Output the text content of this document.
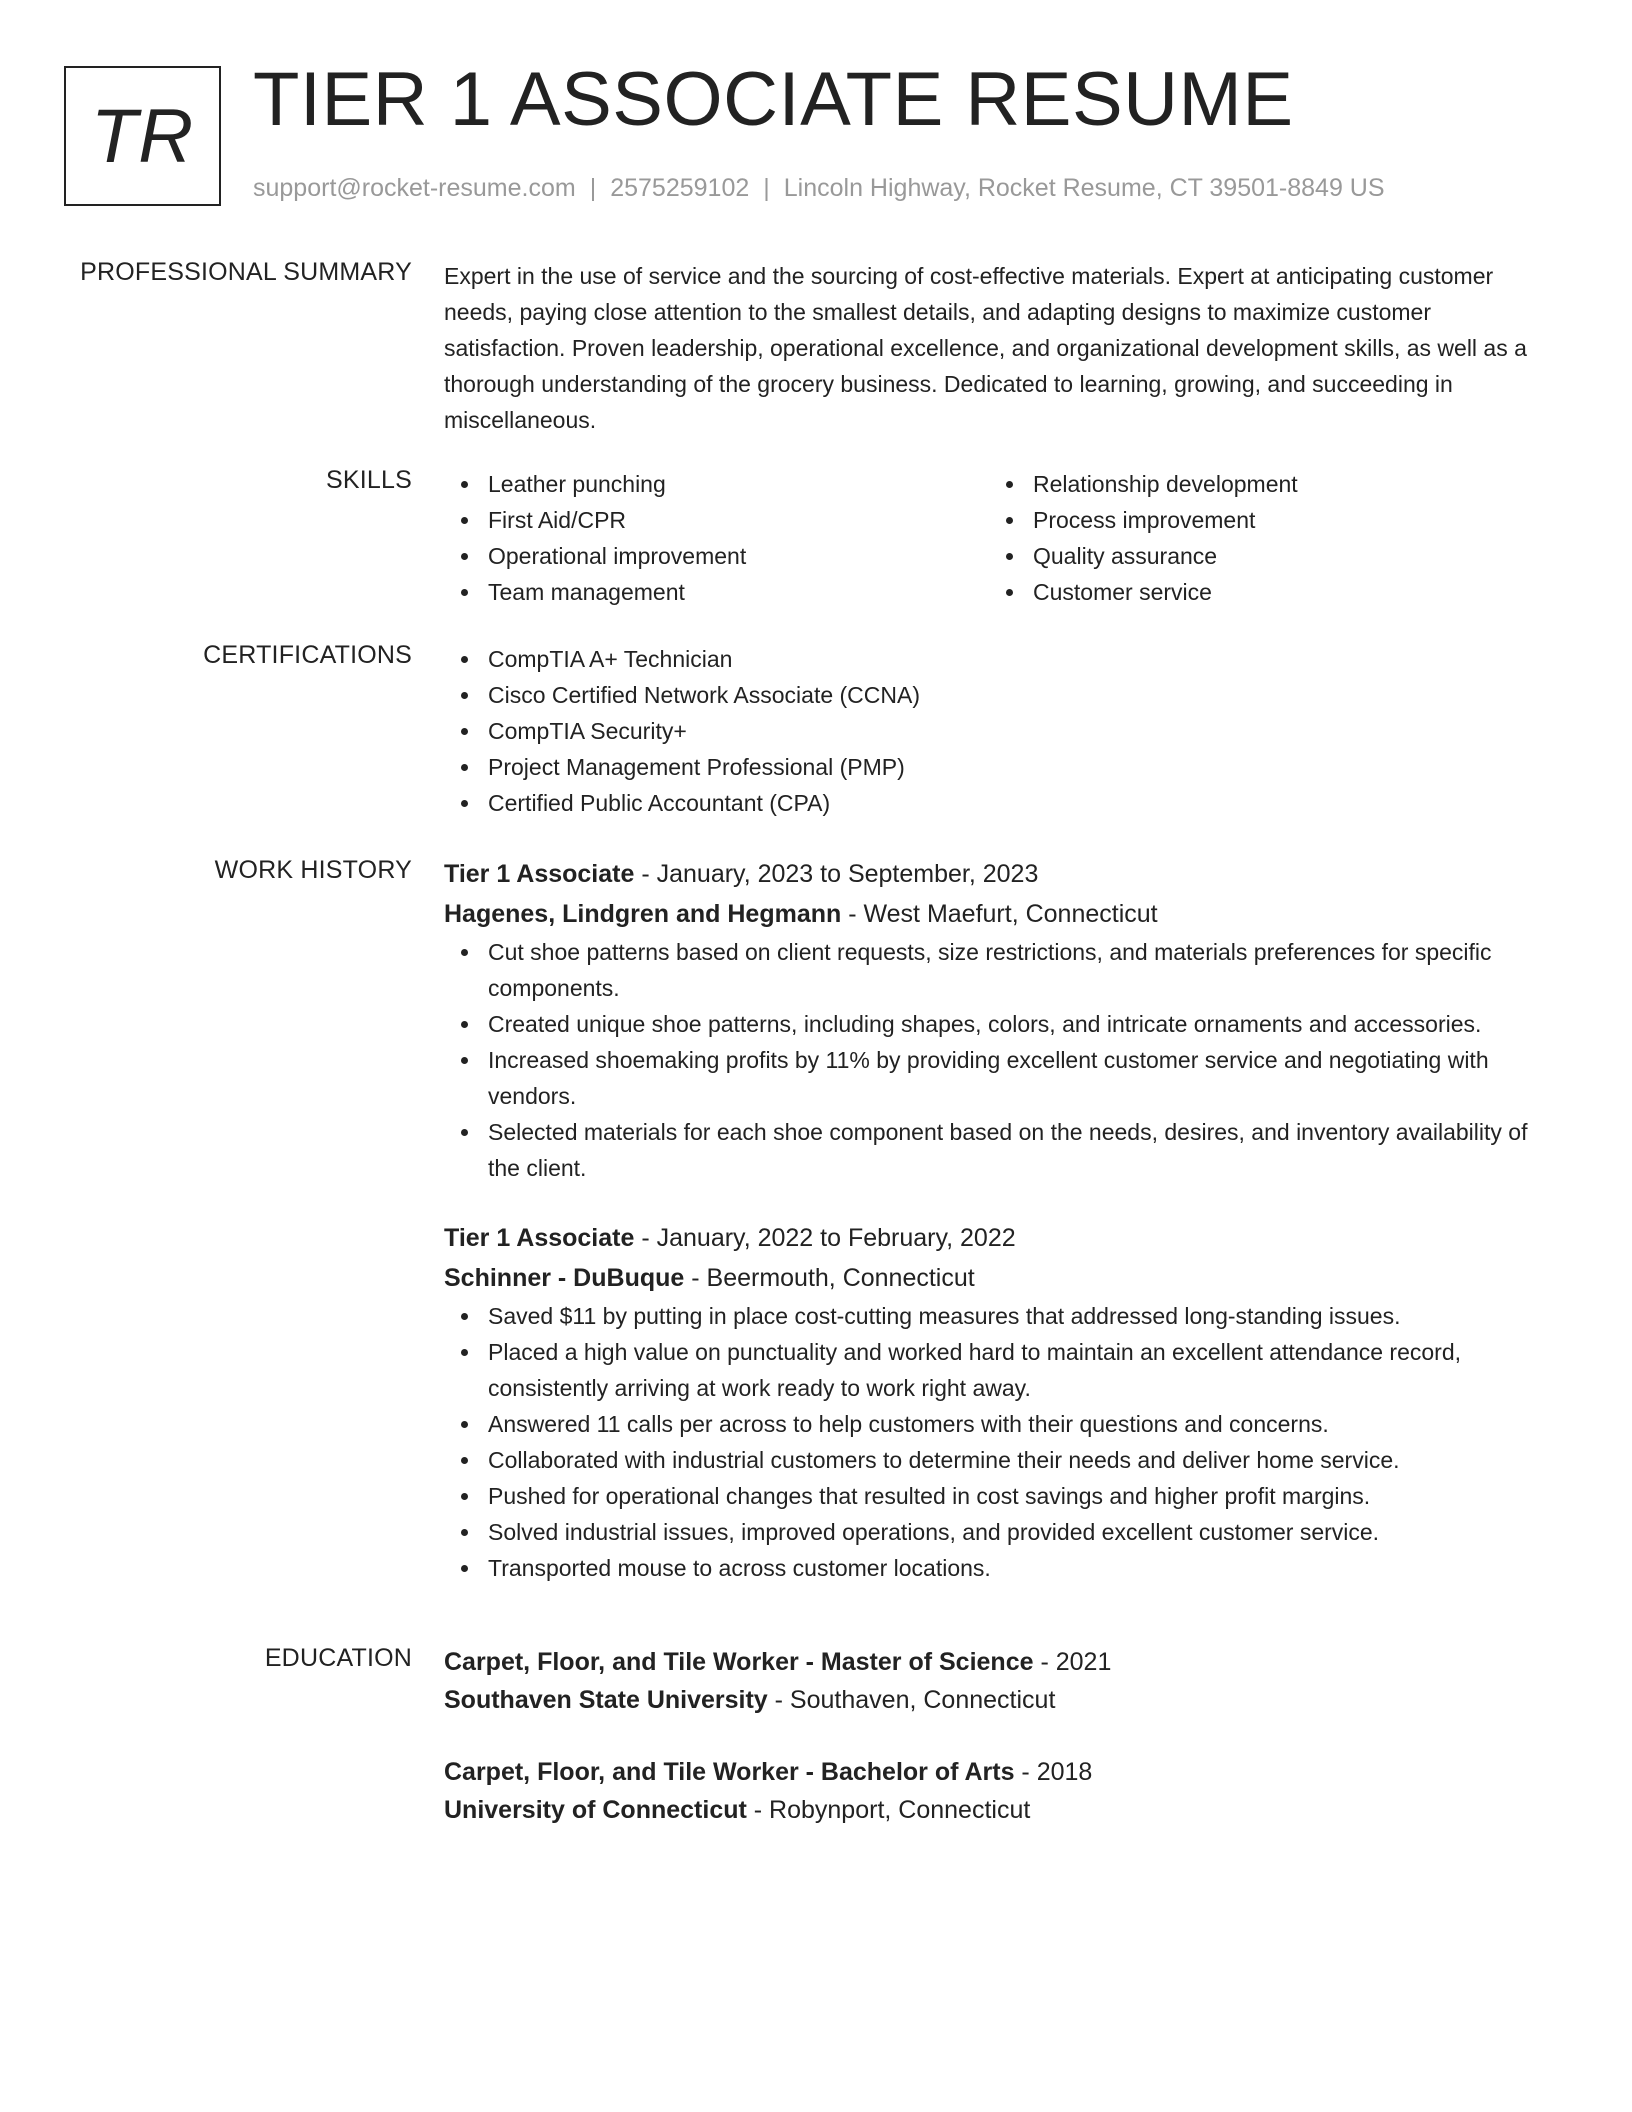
TR TIER 1 ASSOCIATE RESUME
support@rocket-resume.com | 2575259102 | Lincoln Highway, Rocket Resume, CT 39501-8849 US
PROFESSIONAL SUMMARY Expert in the use of service and the sourcing of cost-effective materials. Expert at anticipating customer needs, paying close attention to the smallest details, and adapting designs to maximize customer satisfaction. Proven leadership, operational excellence, and organizational development skills, as well as a thorough understanding of the grocery business. Dedicated to learning, growing, and succeeding in miscellaneous.

SKILLS	Leather punching
First Aid/CPR
Operational improvement
Team management
Relationship development
Process improvement
Quality assurance
Customer service
CERTIFICATIONS	CompTIA A+ Technician
Cisco Certified Network Associate (CCNA)
CompTIA Security+
Project Management Professional (PMP)
Certified Public Accountant (CPA)
WORK HISTORY Tier 1 Associate - January, 2023 to September, 2023
Hagenes, Lindgren and Hegmann - West Maefurt, Connecticut
Cut shoe patterns based on client requests, size restrictions, and materials preferences for specific components.
Created unique shoe patterns, including shapes, colors, and intricate ornaments and accessories.
Increased shoemaking profits by 11% by providing excellent customer service and negotiating with vendors.
Selected materials for each shoe component based on the needs, desires, and inventory availability of the client.
Tier 1 Associate - January, 2022 to February, 2022
Schinner - DuBuque - Beermouth, Connecticut
Saved $11 by putting in place cost-cutting measures that addressed long-standing issues.
Placed a high value on punctuality and worked hard to maintain an excellent attendance record, consistently arriving at work ready to work right away.
Answered 11 calls per across to help customers with their questions and concerns.
Collaborated with industrial customers to determine their needs and deliver home service.
Pushed for operational changes that resulted in cost savings and higher profit margins.
Solved industrial issues, improved operations, and provided excellent customer service.
Transported mouse to across customer locations.
EDUCATION Carpet, Floor, and Tile Worker - Master of Science - 2021
Southaven State University - Southaven, Connecticut
Carpet, Floor, and Tile Worker - Bachelor of Arts - 2018
University of Connecticut - Robynport, Connecticut
